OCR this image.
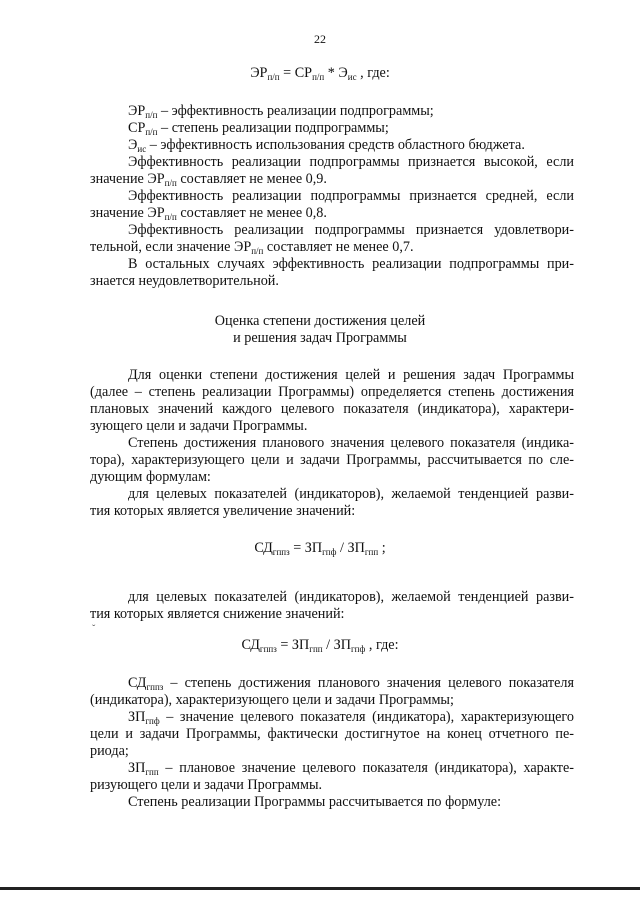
22
$ЭР_{п/п} = СР_{п/п} * Э_{ис}$ , где:
$ЭР_{п/п}$ – эффективность реализации подпрограммы;
$СР_{п/п}$ – степень реализации подпрограммы;
$Э_{ис}$ – эффективность использования средств областного бюджета.
Эффективность реализации подпрограммы признается высокой, если
значение $ЭР_{п/п}$ составляет не менее 0,9.
Эффективность реализации подпрограммы признается средней, если
значение $ЭР_{п/п}$ составляет не менее 0,8.
Эффективность реализации подпрограммы признается удовлетвори-
тельной, если значение $ЭР_{п/п}$ составляет не менее 0,7.
В остальных случаях эффективность реализации подпрограммы при-
знается неудовлетворительной.
Оценка степени достижения целей
и решения задач Программы
Для оценки степени достижения целей и решения задач Программы
(далее – степень реализации Программы) определяется степень достижения
плановых значений каждого целевого показателя (индикатора), характери-
зующего цели и задачи Программы.
Степень достижения планового значения целевого показателя (индика-
тора), характеризующего цели и задачи Программы, рассчитывается по сле-
дующим формулам:
для целевых показателей (индикаторов), желаемой тенденцией разви-
тия которых является увеличение значений:
$СД_{гппз} = ЗП_{гпф} / ЗП_{гпп}$ ;
для целевых показателей (индикаторов), желаемой тенденцией разви-
тия которых является снижение значений:
ˇ
$СД_{гппз} = ЗП_{гпп} / ЗП_{гпф}$ , где:
$СД_{гппз}$ – степень достижения планового значения целевого показателя
(индикатора), характеризующего цели и задачи Программы;
$ЗП_{гпф}$ – значение целевого показателя (индикатора), характеризующего
цели и задачи Программы, фактически достигнутое на конец отчетного пе-
риода;
$ЗП_{гпп}$ – плановое значение целевого показателя (индикатора), характе-
ризующего цели и задачи Программы.
Степень реализации Программы рассчитывается по формуле:
